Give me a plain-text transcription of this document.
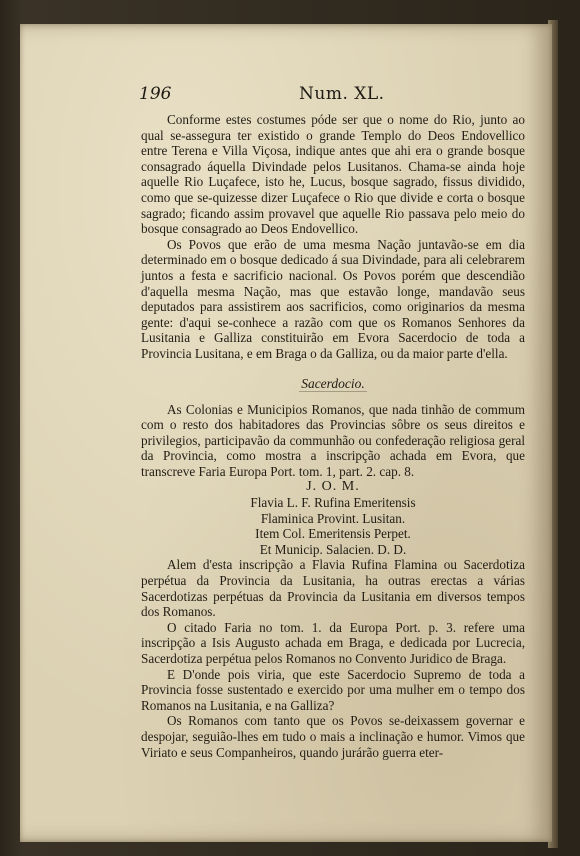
196	Num. XL.

Conforme estes costumes póde ser que o nome do Rio, junto ao qual se-assegura ter existido o grande Templo do Deos Endovellico entre Terena e Villa Viçosa, indique antes que ahi era o grande bosque consagrado áquella Divindade pelos Lusitanos. Chama-se ainda hoje aquelle Rio Luçafece, isto he, Lucus, bosque sagrado, fissus dividido, como que se-quizesse dizer Luçafece o Rio que divide e corta o bosque sagrado; ficando assim provavel que aquelle Rio passava pelo meio do bosque consagrado ao Deos Endovellico.

Os Povos que erão de uma mesma Nação juntavão-se em dia determinado em o bosque dedicado á sua Divindade, para ali celebrarem juntos a festa e sacrificio nacional. Os Povos porém que descendião d'aquella mesma Nação, mas que estavão longe, mandavão seus deputados para assistirem aos sacrificios, como originarios da mesma gente: d'aqui se-conhece a razão com que os Romanos Senhores da Lusitania e Galliza constituirão em Evora Sacerdocio de toda a Provincia Lusitana, e em Braga o da Galliza, ou da maior parte d'ella.

Sacerdocio.

As Colonias e Municipios Romanos, que nada tinhão de commum com o resto dos habitadores das Provincias sôbre os seus direitos e privilegios, participavão da communhão ou confederação religiosa geral da Provincia, como mostra a inscripção achada em Evora, que transcreve Faria Europa Port. tom. 1, part. 2. cap. 8.

J. O. M.
Flavia L. F. Rufina Emeritensis
Flaminica Provint. Lusitan.
Item Col. Emeritensis Perpet.
Et Municip. Salacien. D. D.

Alem d'esta inscripção a Flavia Rufina Flamina ou Sacerdotiza perpétua da Provincia da Lusitania, ha outras erectas a várias Sacerdotizas perpétuas da Provincia da Lusitania em diversos tempos dos Romanos.

O citado Faria no tom. 1. da Europa Port. p. 3. refere uma inscripção a Isis Augusto achada em Braga, e dedicada por Lucrecia, Sacerdotiza perpétua pelos Romanos no Convento Juridico de Braga.

E D'onde pois viria, que este Sacerdocio Supremo de toda a Provincia fosse sustentado e exercido por uma mulher em o tempo dos Romanos na Lusitania, e na Galliza?

Os Romanos com tanto que os Povos se-deixassem governar e despojar, seguião-lhes em tudo o mais a inclinação e humor. Vimos que Viriato e seus Companheiros, quando jurárão guerra eter-
